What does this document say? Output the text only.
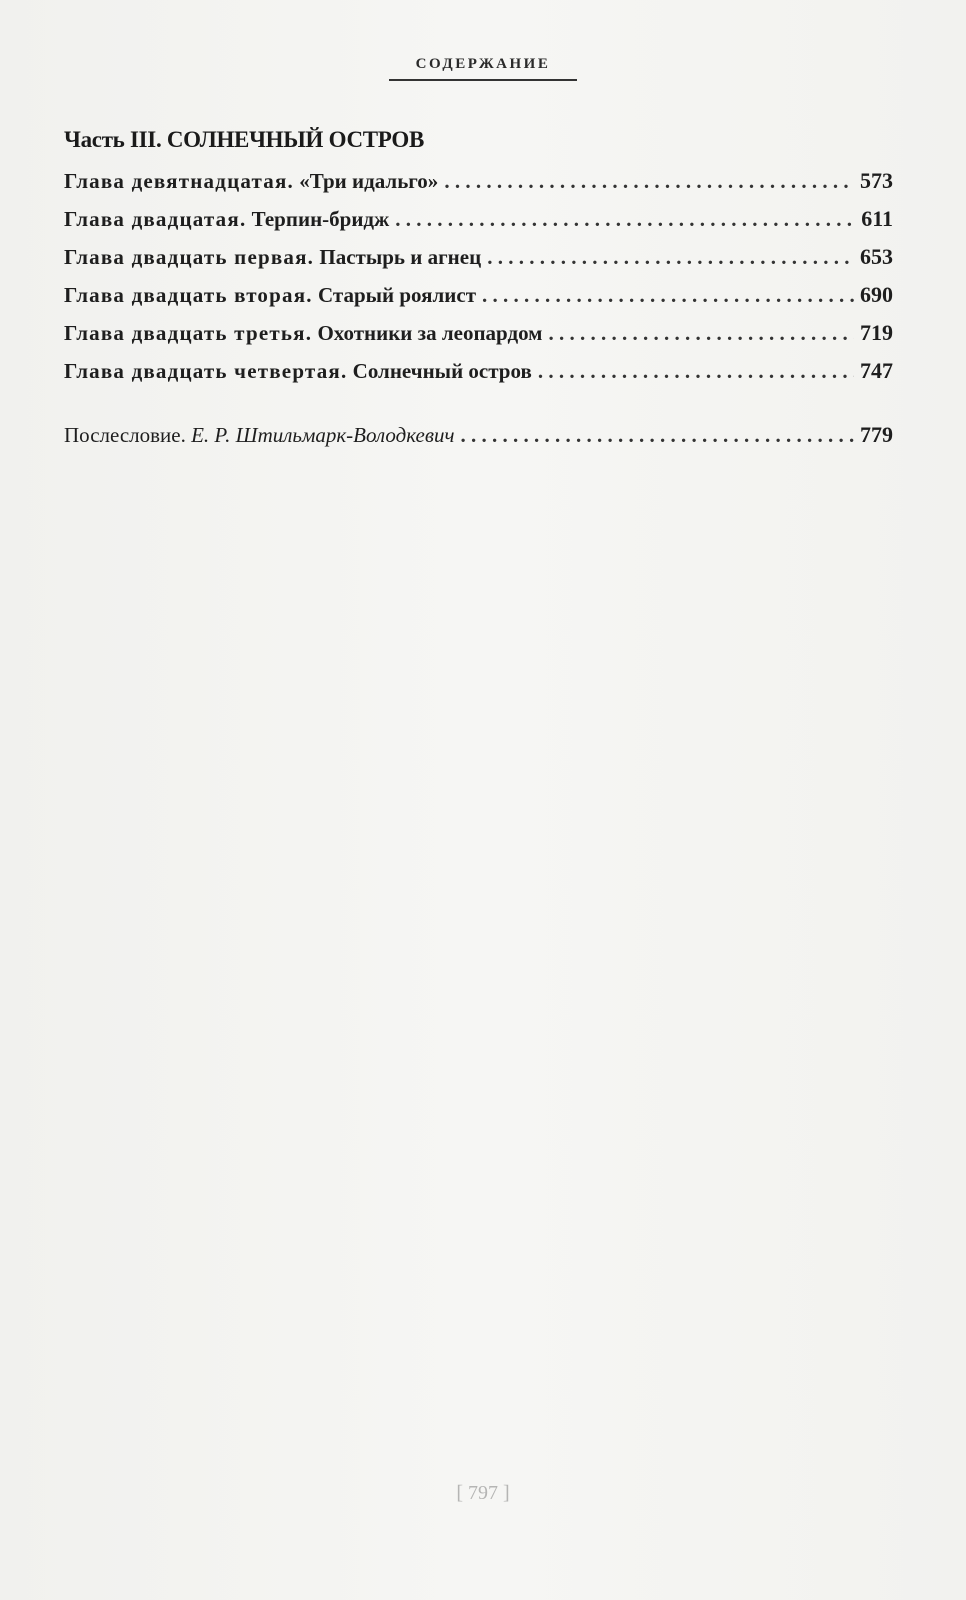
СОДЕРЖАНИЕ
Часть III. СОЛНЕЧНЫЙ ОСТРОВ
Глава девятнадцатая. «Три идальго» . . .	573
Глава двадцатая. Терпин-бридж . . .	611
Глава двадцать первая. Пастырь и агнец . . .	653
Глава двадцать вторая. Старый роялист . . .	690
Глава двадцать третья. Охотники за леопардом . . .	719
Глава двадцать четвертая. Солнечный остров . . .	747
Послесловие. Е. Р. Штильмарк-Володкевич . . .	779
[ 797 ]
